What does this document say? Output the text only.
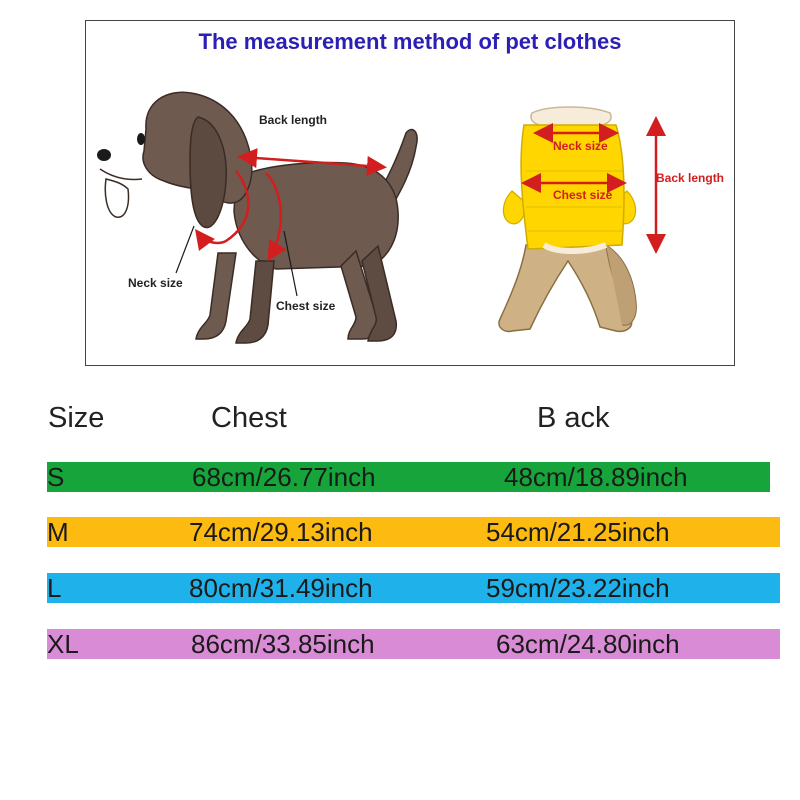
The measurement method of pet clothes
Back length
Neck size
Chest size
Neck size
Chest size
Back length
Size	Chest	B ack
S	68cm/26.77inch	48cm/18.89inch
M	74cm/29.13inch	54cm/21.25inch
L	80cm/31.49inch	59cm/23.22inch
XL	86cm/33.85inch	63cm/24.80inch
